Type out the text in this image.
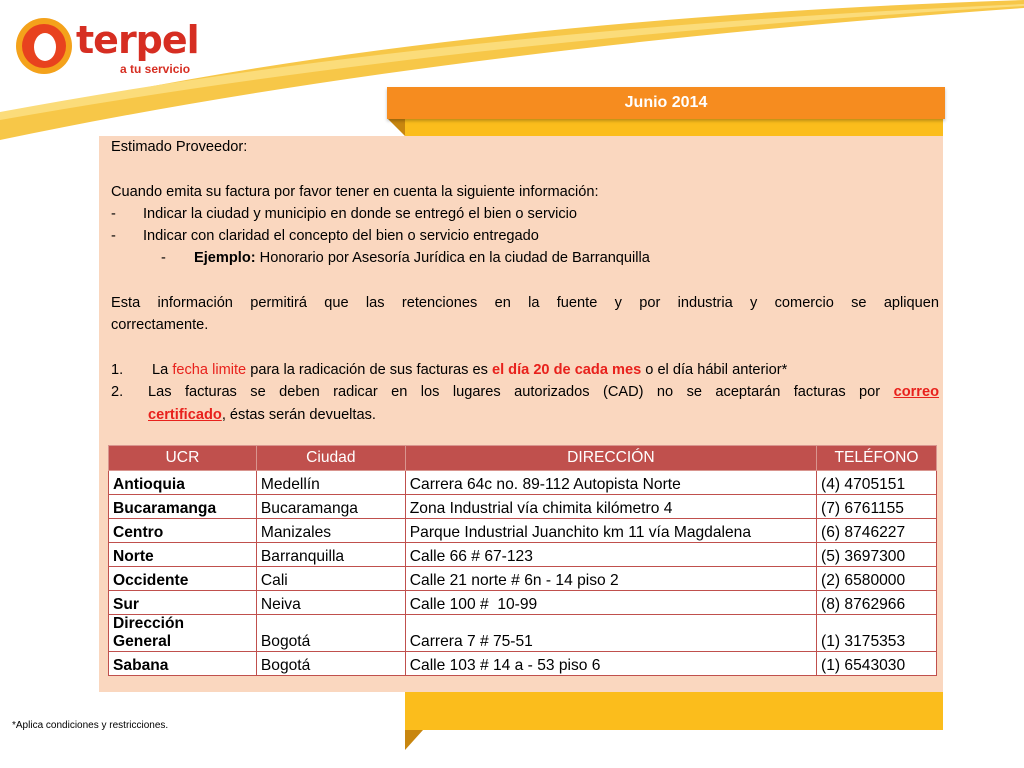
terpel
a tu servicio
Junio 2014

Estimado Proveedor:

Cuando emita su factura por favor tener en cuenta la siguiente información:

-	Indicar la ciudad y municipio en donde se entregó el bien o servicio
-	Indicar con claridad el concepto del bien o servicio entregado
-	Ejemplo: Honorario por Asesoría Jurídica en la ciudad de Barranquilla

Esta información permitirá que las retenciones en la fuente y por industria y comercio se apliquen

correctamente.

1.	La fecha limite para la radicación de sus facturas es el día 20 de cada mes o el día hábil anterior*
2.	Las facturas se deben radicar en los lugares autorizados (CAD) no se aceptarán facturas por correo
certificado, éstas serán devueltas.
UCR	Ciudad	DIRECCIÓN	TELÉFONO
Antioquia	Medellín	Carrera 64c no. 89-112 Autopista Norte	(4) 4705151
Bucaramanga	Bucaramanga	Zona Industrial vía chimita kilómetro 4	(7) 6761155
Centro	Manizales	Parque Industrial Juanchito km 11 vía Magdalena	(6) 8746227
Norte	Barranquilla	Calle 66 # 67-123	(5) 3697300
Occidente	Cali	Calle 21 norte # 6n - 14 piso 2	(2) 6580000
Sur	Neiva	Calle 100 #  10-99	(8) 8762966

Dirección
General	Bogotá	Carrera 7 # 75-51	(1) 3175353
Sabana	Bogotá	Calle 103 # 14 a - 53 piso 6	(1) 6543030
*Aplica condiciones y restricciones.
